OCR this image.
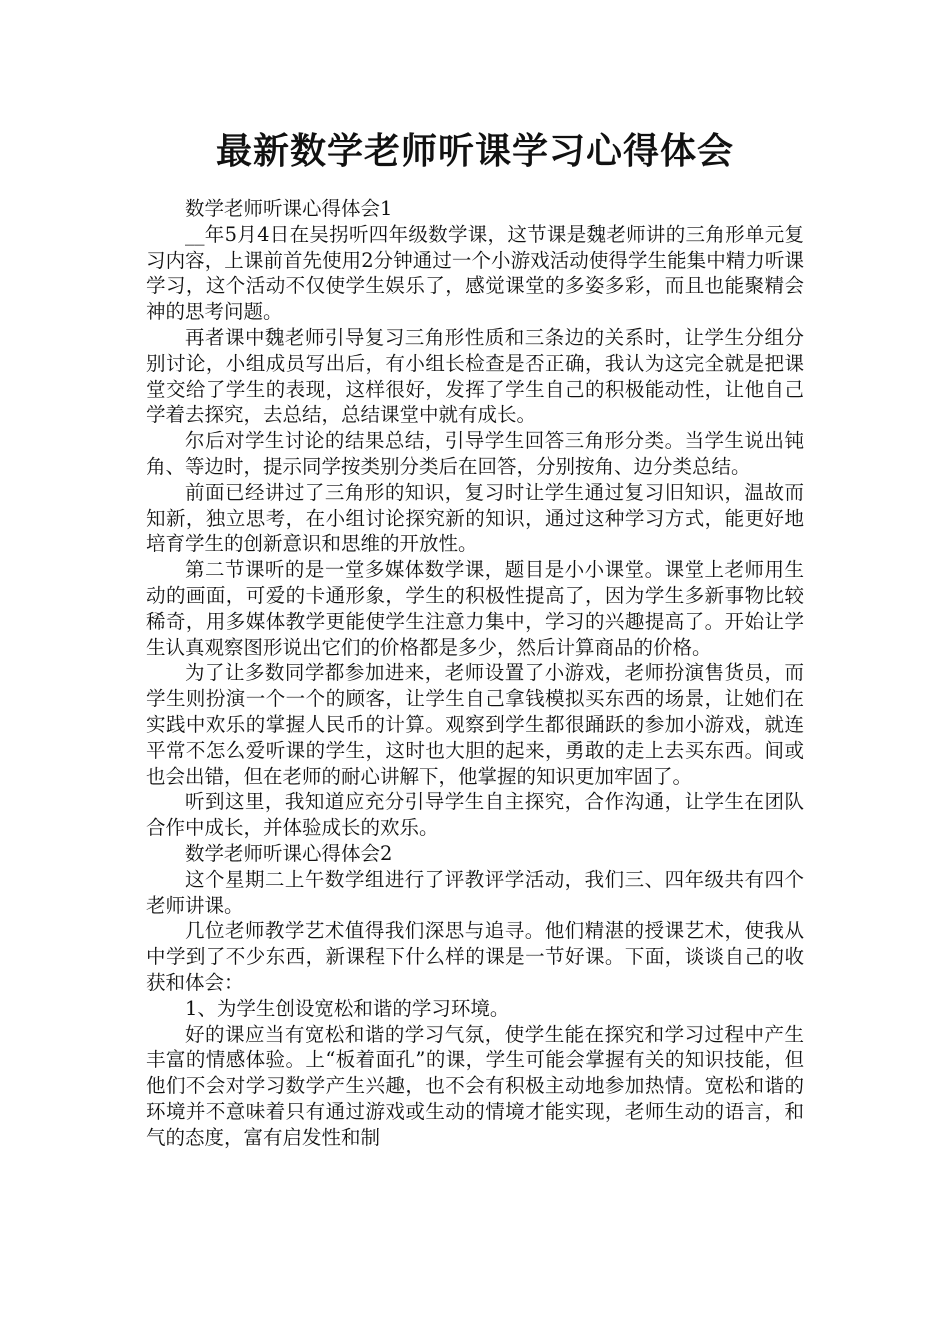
最新数学老师听课学习心得体会

数学老师听课心得体会1

__年5月4日在吴拐听四年级数学课，这节课是魏老师讲的三角形单元复习内容，上课前首先使用2分钟通过一个小游戏活动使得学生能集中精力听课学习，这个活动不仅使学生娱乐了，感觉课堂的多姿多彩，而且也能聚精会神的思考问题。

再者课中魏老师引导复习三角形性质和三条边的关系时，让学生分组分别讨论，小组成员写出后，有小组长检查是否正确，我认为这完全就是把课堂交给了学生的表现，这样很好，发挥了学生自己的积极能动性，让他自己学着去探究，去总结，总结课堂中就有成长。

尔后对学生讨论的结果总结，引导学生回答三角形分类。当学生说出钝角、等边时，提示同学按类别分类后在回答，分别按角、边分类总结。

前面已经讲过了三角形的知识，复习时让学生通过复习旧知识，温故而知新，独立思考，在小组讨论探究新的知识，通过这种学习方式，能更好地培育学生的创新意识和思维的开放性。

第二节课听的是一堂多媒体数学课，题目是小小课堂。课堂上老师用生动的画面，可爱的卡通形象，学生的积极性提高了，因为学生多新事物比较稀奇，用多媒体教学更能使学生注意力集中，学习的兴趣提高了。开始让学生认真观察图形说出它们的价格都是多少，然后计算商品的价格。

为了让多数同学都参加进来，老师设置了小游戏，老师扮演售货员，而学生则扮演一个一个的顾客，让学生自己拿钱模拟买东西的场景，让她们在实践中欢乐的掌握人民币的计算。观察到学生都很踊跃的参加小游戏，就连平常不怎么爱听课的学生，这时也大胆的起来，勇敢的走上去买东西。间或也会出错，但在老师的耐心讲解下，他掌握的知识更加牢固了。

听到这里，我知道应充分引导学生自主探究，合作沟通，让学生在团队合作中成长，并体验成长的欢乐。

数学老师听课心得体会2

这个星期二上午数学组进行了评教评学活动，我们三、四年级共有四个老师讲课。

几位老师教学艺术值得我们深思与追寻。他们精湛的授课艺术，使我从中学到了不少东西，新课程下什么样的课是一节好课。下面，谈谈自己的收获和体会：

1、为学生创设宽松和谐的学习环境。

好的课应当有宽松和谐的学习气氛，使学生能在探究和学习过程中产生丰富的情感体验。上“板着面孔”的课，学生可能会掌握有关的知识技能，但他们不会对学习数学产生兴趣，也不会有积极主动地参加热情。宽松和谐的环境并不意味着只有通过游戏或生动的情境才能实现，老师生动的语言，和气的态度，富有启发性和制
